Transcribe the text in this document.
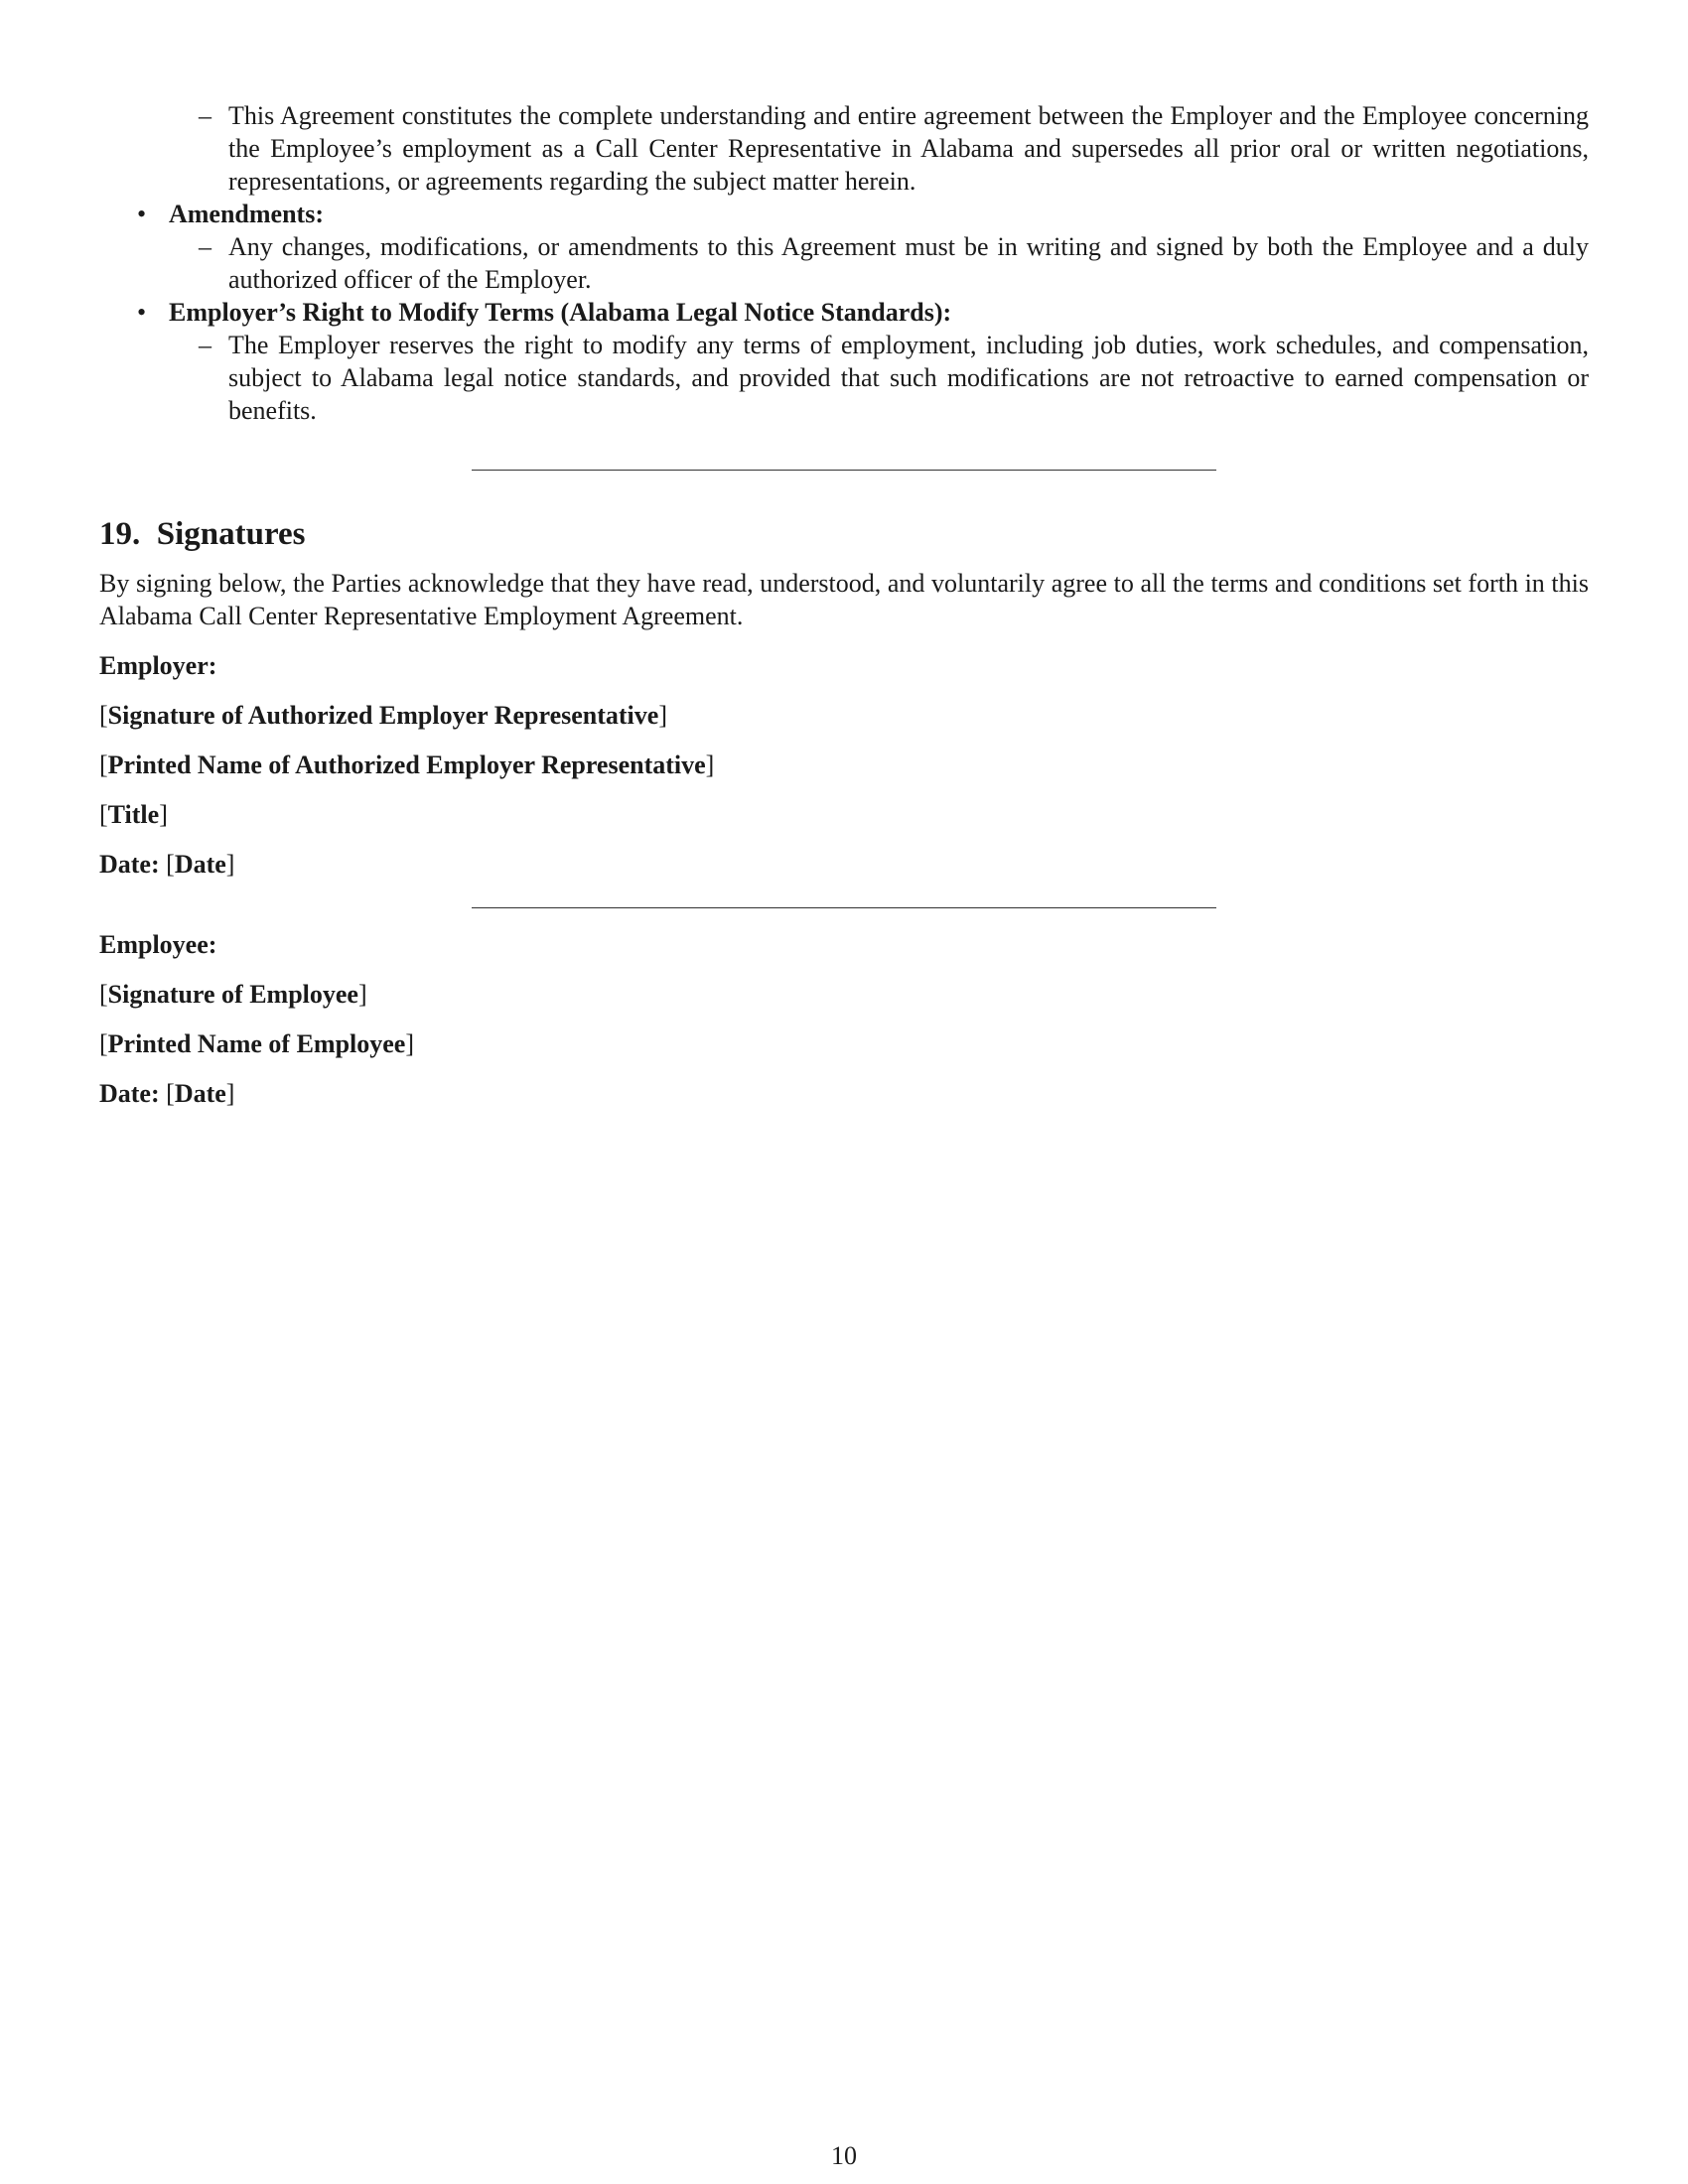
– This Agreement constitutes the complete understanding and entire agreement between the Employer and the Employee concerning the Employee’s employment as a Call Center Representative in Alabama and supersedes all prior oral or written negotiations, representations, or agreements regarding the subject matter herein.
• Amendments:
– Any changes, modifications, or amendments to this Agreement must be in writing and signed by both the Employee and a duly authorized officer of the Employer.
• Employer’s Right to Modify Terms (Alabama Legal Notice Standards):
– The Employer reserves the right to modify any terms of employment, including job duties, work schedules, and compensation, subject to Alabama legal notice standards, and provided that such modifications are not retroactive to earned compensation or benefits.
19. Signatures
By signing below, the Parties acknowledge that they have read, understood, and voluntarily agree to all the terms and conditions set forth in this Alabama Call Center Representative Employment Agreement.
Employer:
[Signature of Authorized Employer Representative]
[Printed Name of Authorized Employer Representative]
[Title]
Date: [Date]
Employee:
[Signature of Employee]
[Printed Name of Employee]
Date: [Date]
10
